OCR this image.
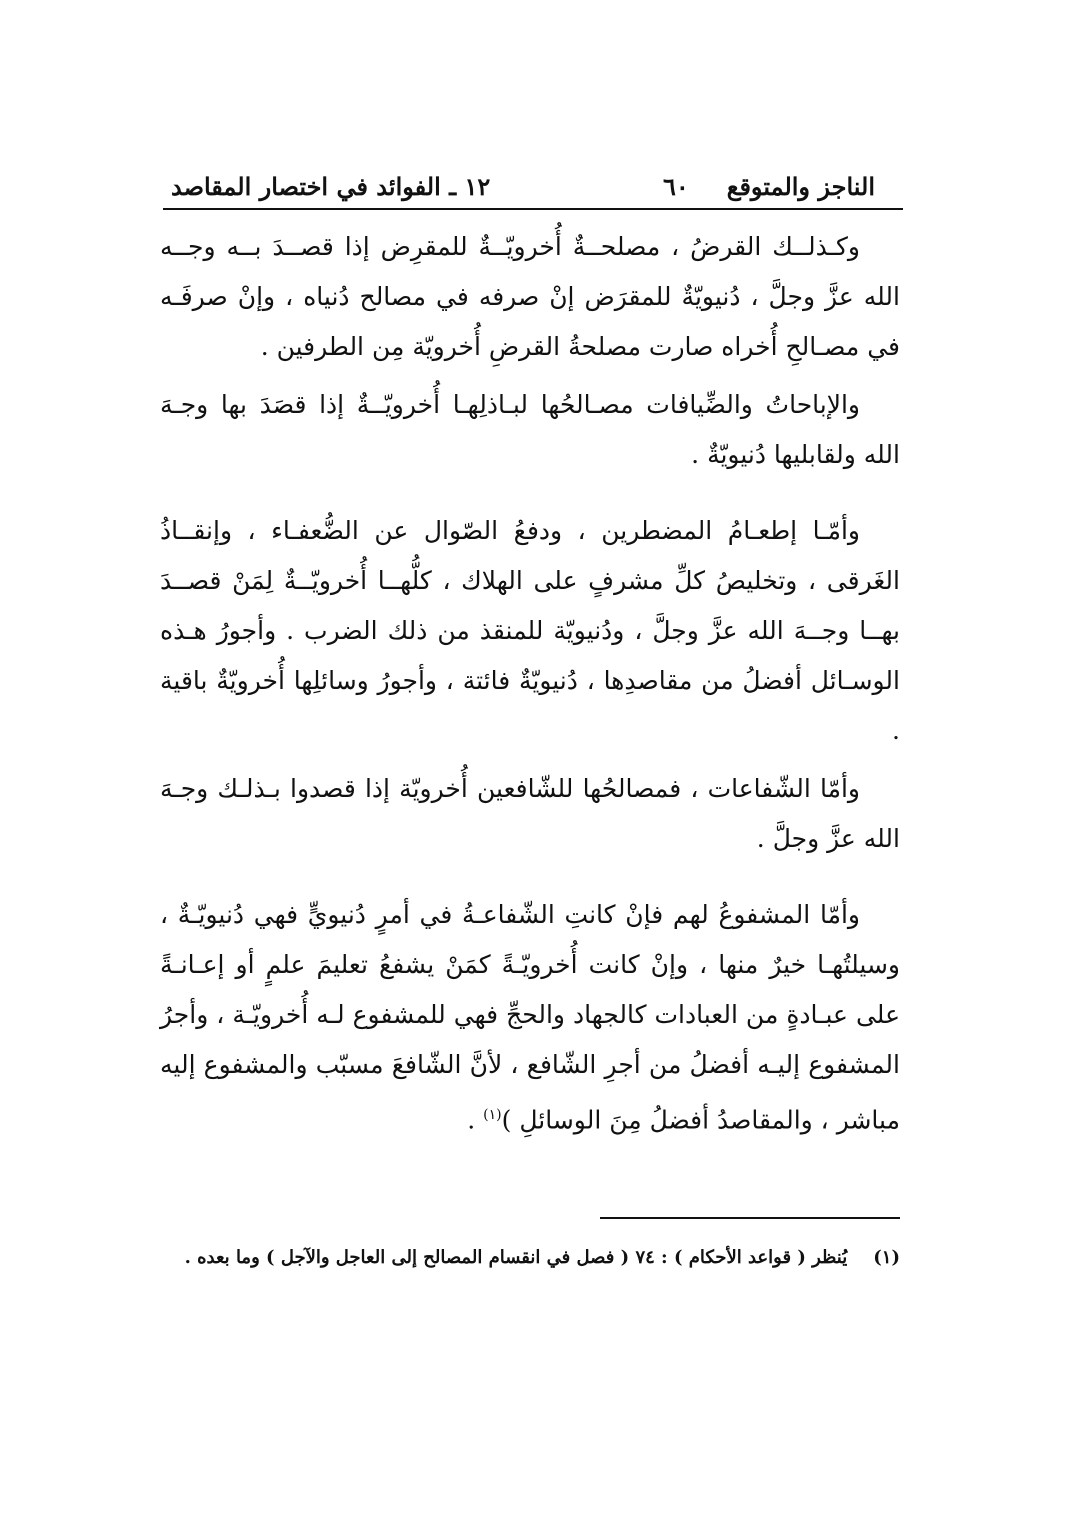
الناجز والمتوقع
٦٠
١٢ ـ الفوائد في اختصار المقاصد

وكـذلــك القرضُ ، مصلحــةٌ أُخرويّــةٌ للمقرِض إذا قصــدَ بــه وجــه الله عزَّ وجلَّ ، دُنيويّةٌ للمقرَض إنْ صرفه في مصالح دُنياه ، وإنْ صرفَـه في مصـالحِ أُخراه صارت مصلحةُ القرضِ أُخرويّة مِن الطرفين .

والإباحاتُ والضِّيافات مصـالحُها لبـاذلِهـا أُخرويّــةٌ إذا قصَدَ بها وجـهَ الله ولقابليها دُنيويّةٌ .

وأمّـا إطعـامُ المضطرين ، ودفعُ الصّوال عن الضُّعفـاء ، وإنقــاذُ الغَرقى ، وتخليصُ كلِّ مشرفٍ على الهلاك ، كلُّهــا أُخرويّــةٌ لِمَنْ قصــدَ بهــا وجــهَ الله عزَّ وجلَّ ، ودُنيويّة للمنقذ من ذلك الضرب . وأجورُ هـذه الوسـائل أفضلُ من مقاصدِها ، دُنيويّةٌ فائتة ، وأجورُ وسائلِها أُخرويّةٌ باقية .

وأمّا الشّفاعات ، فمصالحُها للشّافعين أُخرويّة إذا قصدوا بـذلـك وجـهَ الله عزَّ وجلَّ .

وأمّا المشفوعُ لهم فإنْ كانتِ الشّفاعـةُ في أمرٍ دُنيويٍّ فهي دُنيويّـةٌ ، وسيلتُهـا خيرٌ منها ، وإنْ كانت أُخرويّـةً كمَنْ يشفعُ تعليمَ علمٍ أو إعـانـةً على عبـادةٍ من العبادات كالجهاد والحجِّ فهي للمشفوع لـه أُخرويّـة ، وأجرُ المشفوع إليـه أفضلُ من أجرِ الشّافع ، لأنَّ الشّافعَ مسبّب والمشفوع إليه مباشر ، والمقاصدُ أفضلُ مِنَ الوسائلِ )$^{(١)}$ .

(١)يُنظر ( قواعد الأحكام ) : ٧٤ ( فصل في انقسام المصالح إلى العاجل والآجل ) وما بعده .
